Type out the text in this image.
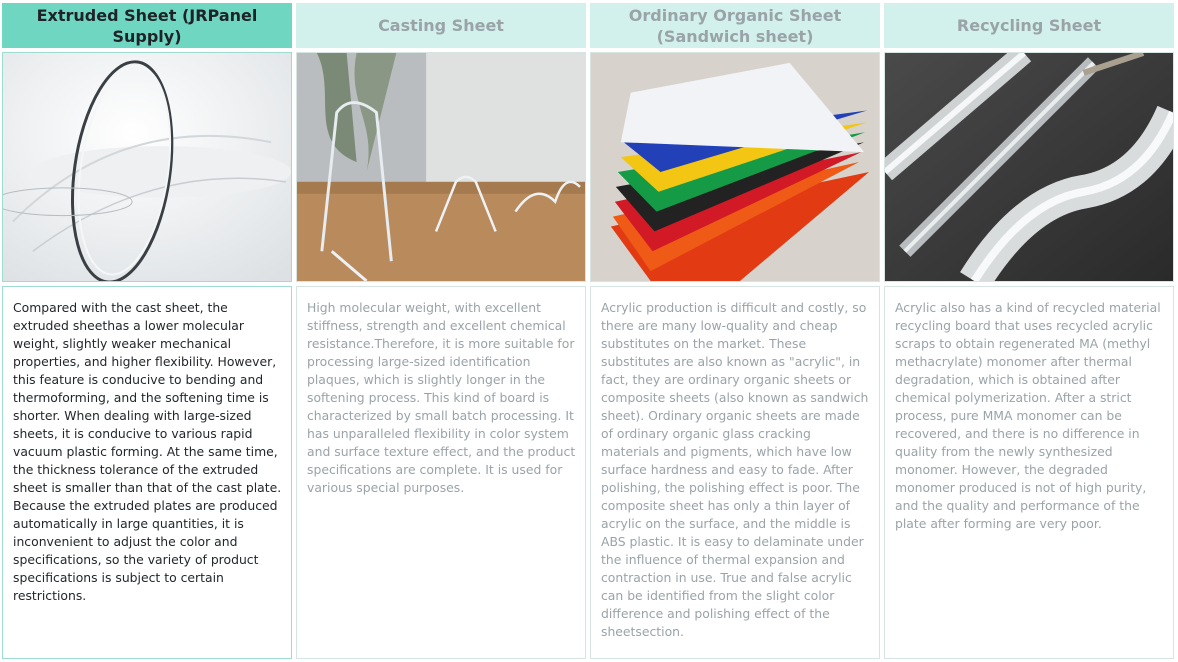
Extruded Sheet (JRPanel Supply)
Compared with the cast sheet, the extruded sheethas a lower molecular weight, slightly weaker mechanical properties, and higher flexibility. However, this feature is conducive to bending and thermoforming, and the softening time is shorter. When dealing with large-sized sheets, it is conducive to various rapid vacuum plastic forming. At the same time, the thickness tolerance of the extruded sheet is smaller than that of the cast plate. Because the extruded plates are produced automatically in large quantities, it is inconvenient to adjust the color and specifications, so the variety of product specifications is subject to certain restrictions.
Casting Sheet
High molecular weight, with excellent stiffness, strength and excellent chemical resistance.Therefore, it is more suitable for processing large-sized identification plaques, which is slightly longer in the softening process. This kind of board is characterized by small batch processing. It has unparalleled flexibility in color system and surface texture effect, and the product specifications are complete. It is used for various special purposes.
Ordinary Organic Sheet (Sandwich sheet)
Acrylic production is difficult and costly, so there are many low-quality and cheap substitutes on the market. These substitutes are also known as "acrylic", in fact, they are ordinary organic sheets or composite sheets (also known as sandwich sheet). Ordinary organic sheets are made of ordinary organic glass cracking materials and pigments, which have low surface hardness and easy to fade. After polishing, the polishing effect is poor. The composite sheet has only a thin layer of acrylic on the surface, and the middle is ABS plastic. It is easy to delaminate under the influence of thermal expansion and contraction in use. True and false acrylic can be identified from the slight color difference and polishing effect of the sheetsection.
Recycling Sheet
Acrylic also has a kind of recycled material recycling board that uses recycled acrylic scraps to obtain regenerated MA (methyl methacrylate) monomer after thermal degradation, which is obtained after chemical polymerization. After a strict process, pure MMA monomer can be recovered, and there is no difference in quality from the newly synthesized monomer. However, the degraded monomer produced is not of high purity, and the quality and performance of the plate after forming are very poor.
